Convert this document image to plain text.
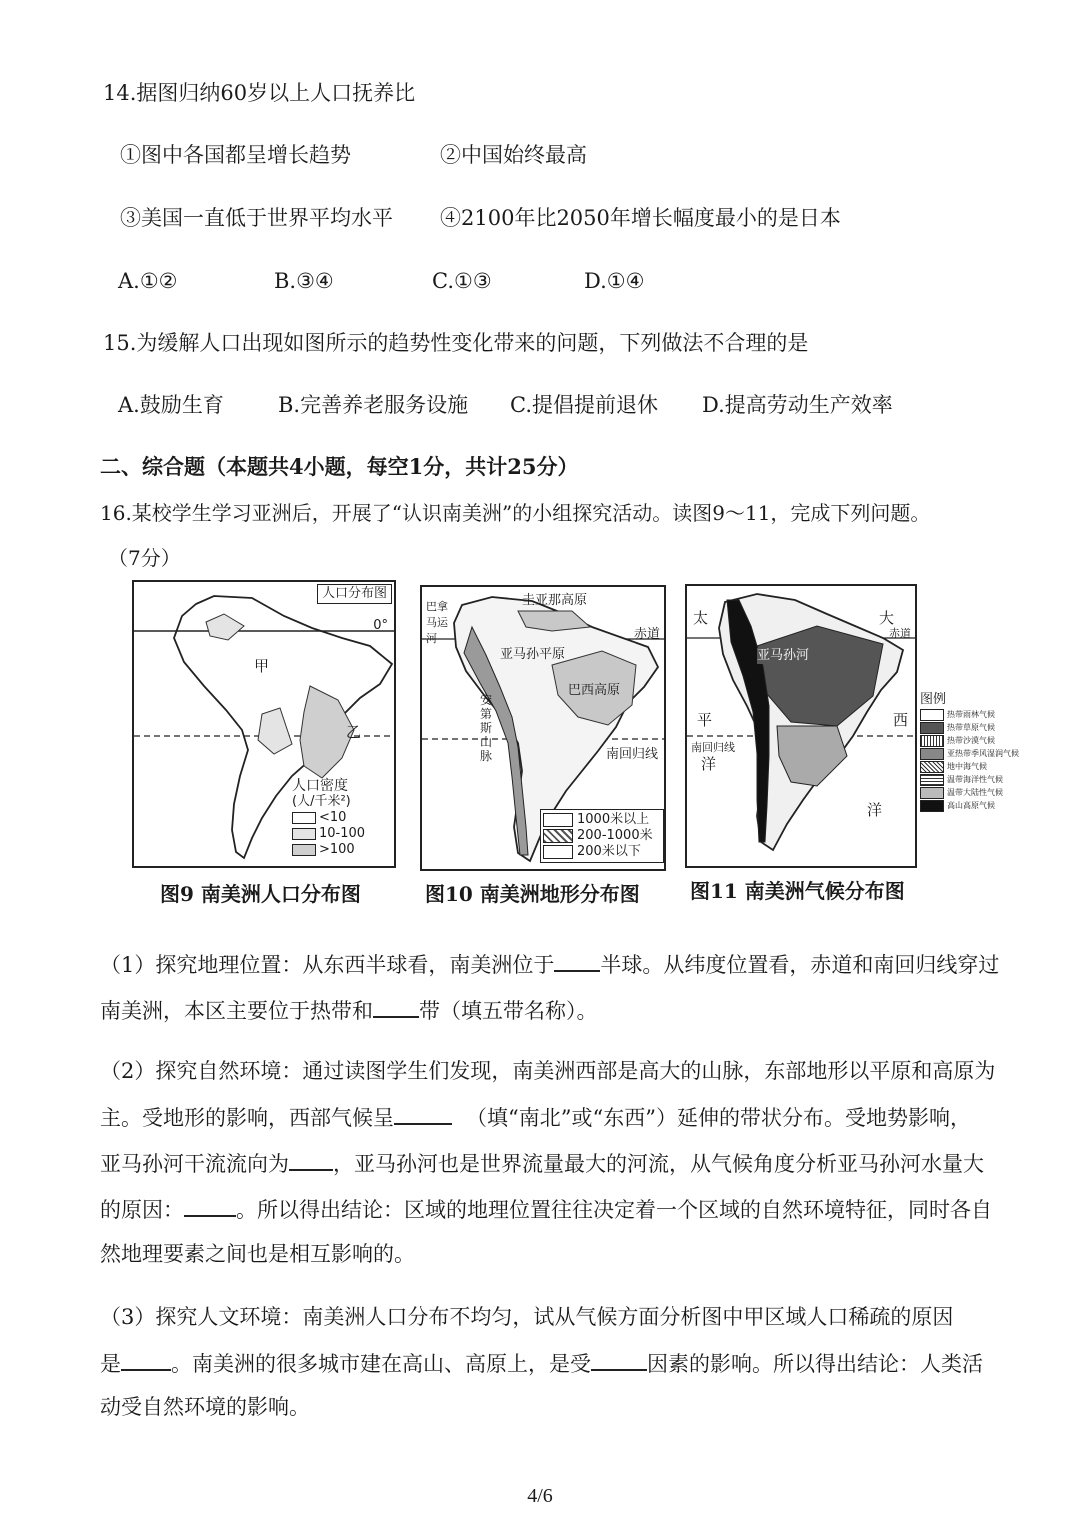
14.据图归纳60岁以上人口抚养比
①图中各国都呈增长趋势	②中国始终最高
③美国一直低于世界平均水平 ④2100年比2050年增长幅度最小的是日本
A.①②	B.③④	C.①③	D.①④
15.为缓解人口出现如图所示的趋势性变化带来的问题，下列做法不合理的是
A.鼓励生育	B.完善养老服务设施 C.提倡提前退休 D.提高劳动生产效率
二、综合题（本题共4小题，每空1分，共计25分）
16.某校学生学习亚洲后，开展了“认识南美洲”的小组探究活动。读图9～11，完成下列问题。
（7分）
人口分布图
0°
甲
乙
人口密度
(人/千米²)
<10
10-100
>100
图9 南美洲人口分布图
巴拿马运河
圭亚那高原
赤道
亚马孙平原
巴西高原
安
第
斯
山
脉	南回归线
1000米以上
200-1000米
200米以下
图10 南美洲地形分布图
太
平
洋
大
西
洋
赤道
亚马孙河
南回归线
图例
热带雨林气候
热带草原气候
热带沙漠气候
亚热带季风湿润气候
地中海气候
温带海洋性气候
温带大陆性气候
高山高原气候
图11 南美洲气候分布图
（1）探究地理位置：从东西半球看，南美洲位于 半球。从纬度位置看，赤道和南回归线穿过
南美洲，本区主要位于热带和 带（填五带名称）。
（2）探究自然环境：通过读图学生们发现，南美洲西部是高大的山脉，东部地形以平原和高原为
主。受地形的影响，西部气候呈	（填“南北”或“东西”）延伸的带状分布。受地势影响，
亚马孙河干流流向为 ，亚马孙河也是世界流量最大的河流，从气候角度分析亚马孙河水量大
的原因： 。所以得出结论：区域的地理位置往往决定着一个区域的自然环境特征，同时各自
然地理要素之间也是相互影响的。
（3）探究人文环境：南美洲人口分布不均匀，试从气候方面分析图中甲区域人口稀疏的原因
是 。南美洲的很多城市建在高山、高原上，是受	因素的影响。所以得出结论：人类活
动受自然环境的影响。
4/6
